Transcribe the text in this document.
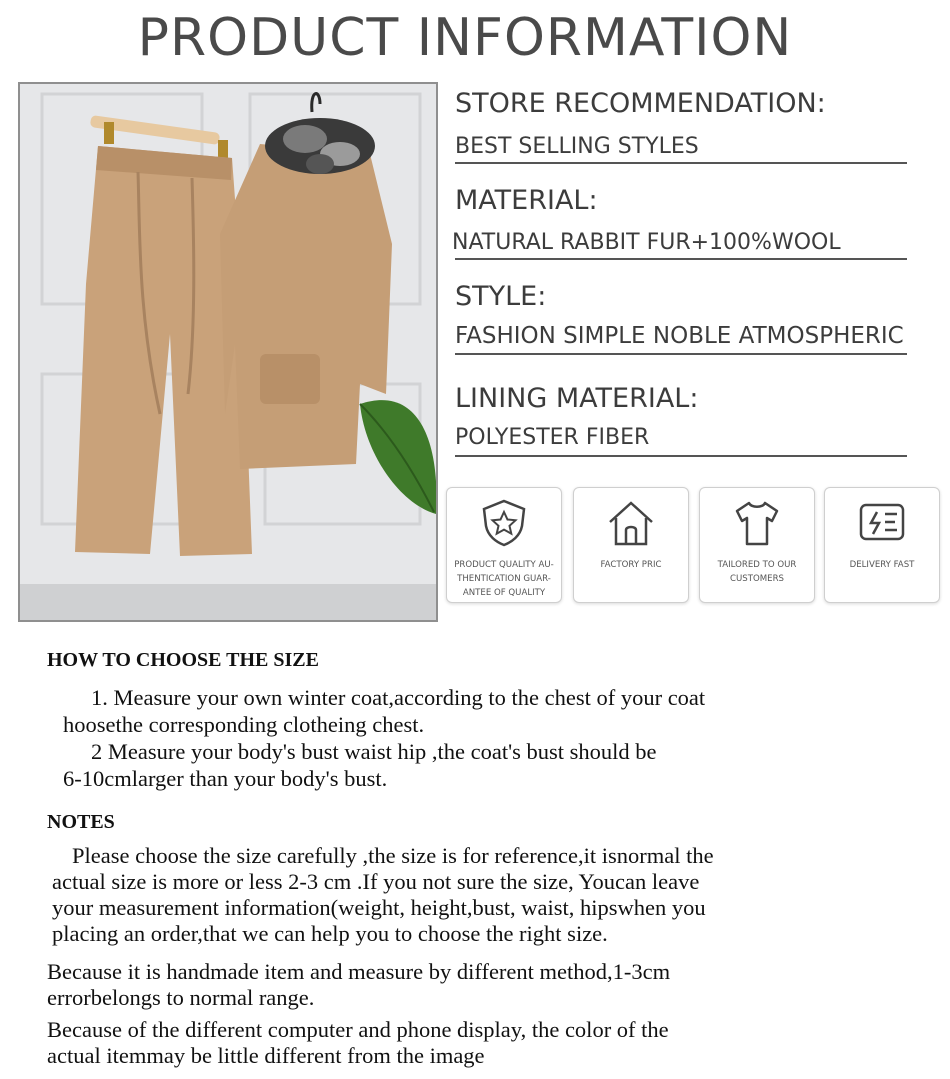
PRODUCT INFORMATION
STORE RECOMMENDATION:
BEST SELLING STYLES
MATERIAL:
NATURAL RABBIT FUR+100%WOOL
STYLE:
FASHION SIMPLE NOBLE ATMOSPHERIC
LINING MATERIAL:
POLYESTER FIBER
PRODUCT QUALITY AU-
THENTICATION GUAR-
ANTEE OF QUALITY
FACTORY PRIC	TAILORED TO OUR
CUSTOMERS
DELIVERY FAST
HOW TO CHOOSE THE SIZE
1. Measure your own winter coat,according to the chest of your coat
hoosethe corresponding clotheing chest.
2 Measure your body's bust waist hip ,the coat's bust should be
6-10cmlarger than your body's bust.
NOTES
Please choose the size carefully ,the size is for reference,it isnormal the
actual size is more or less 2-3 cm .If you not sure the size, Youcan leave
your measurement information(weight, height,bust, waist, hipswhen you
placing an order,that we can help you to choose the right size.
Because it is handmade item and measure by different method,1-3cm
errorbelongs to normal range.
Because of the different computer and phone display, the color of the
actual itemmay be little different from the image
